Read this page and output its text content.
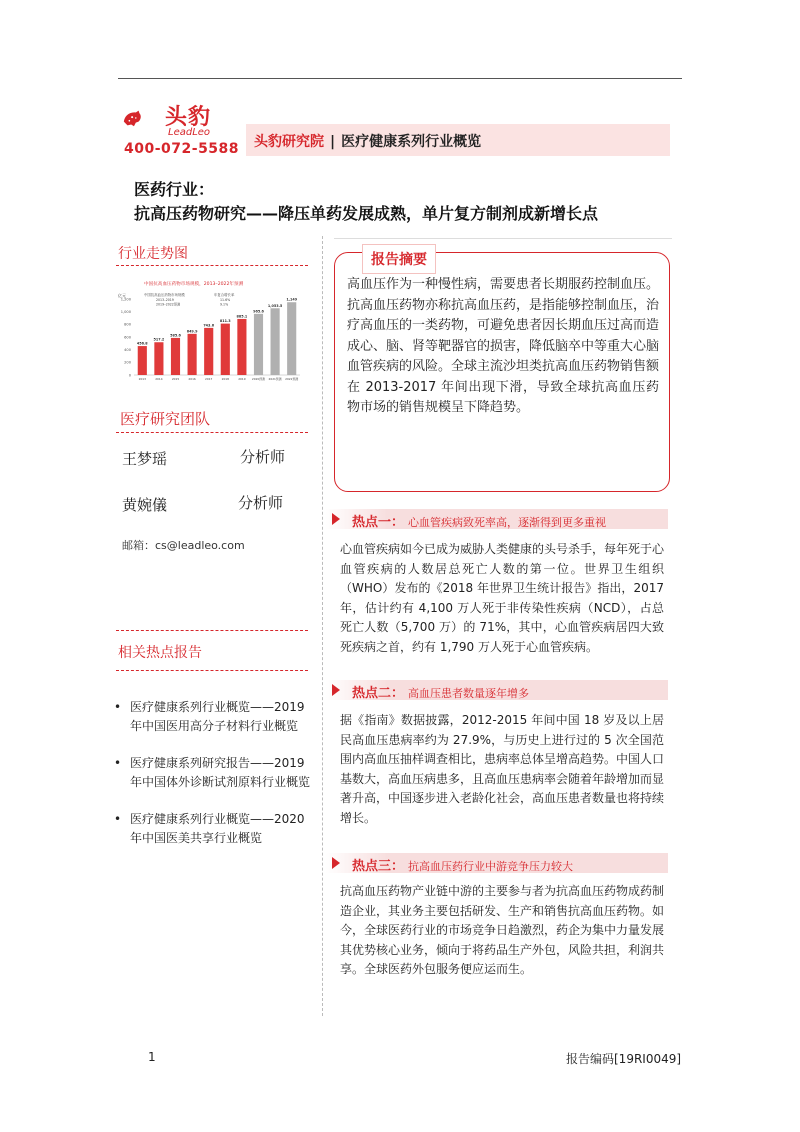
头豹
LeadLeo
400-072-5588 头豹研究院 | 医疗健康系列行业概览
医药行业：
抗高压药物研究——降压单药发展成熟，单片复方制剂成新增长点
行业走势图
中国抗高血压药物市场规模，2013–2022年预测
亿元
1,200
1,000
800
600
400
200
0
456.8
2013
517.2
2014
585.6
2015
649.9
2016
743.6
2017
811.3
2018
885.1
2019
965.6
2020预测
1,053.5
2021预测
1,149
2022预测
中国抗高血压药物市场规模	年复合增长率
2013–2019	11.6%
2019–2022预测	9.1%
医疗研究团队
王梦瑶	分析师
黄婉儀	分析师
邮箱：cs@leadleo.com
相关热点报告
• 医疗健康系列行业概览——2019 年中国医用高分子材料行业概览
• 医疗健康系列研究报告——2019 年中国体外诊断试剂原料行业概览
• 医疗健康系列行业概览——2020 年中国医美共享行业概览
报告摘要
高血压作为一种慢性病，需要患者长期服药控制血压。抗高血压药物亦称抗高血压药，是指能够控制血压，治疗高血压的一类药物，可避免患者因长期血压过高而造成心、脑、肾等靶器官的损害，降低脑卒中等重大心脑血管疾病的风险。全球主流沙坦类抗高血压药物销售额在 2013-2017 年间出现下滑，导致全球抗高血压药物市场的销售规模呈下降趋势。
热点一： 心血管疾病致死率高，逐渐得到更多重视
心血管疾病如今已成为威胁人类健康的头号杀手，每年死于心血管疾病的人数居总死亡人数的第一位。世界卫生组织（WHO）发布的《2018 年世界卫生统计报告》指出，2017 年，估计约有 4,100 万人死于非传染性疾病（NCD），占总死亡人数（5,700 万）的 71%，其中，心血管疾病居四大致死疾病之首，约有 1,790 万人死于心血管疾病。
热点二： 高血压患者数量逐年增多
据《指南》数据披露，2012-2015 年间中国 18 岁及以上居民高血压患病率约为 27.9%，与历史上进行过的 5 次全国范围内高血压抽样调查相比，患病率总体呈增高趋势。中国人口基数大，高血压病患多，且高血压患病率会随着年龄增加而显著升高，中国逐步进入老龄化社会，高血压患者数量也将持续增长。
热点三： 抗高血压药行业中游竞争压力较大
抗高血压药物产业链中游的主要参与者为抗高血压药物成药制造企业，其业务主要包括研发、生产和销售抗高血压药物。如今，全球医药行业的市场竞争日趋激烈，药企为集中力量发展其优势核心业务，倾向于将药品生产外包，风险共担，利润共享。全球医药外包服务便应运而生。
1	报告编码[19RI0049]
